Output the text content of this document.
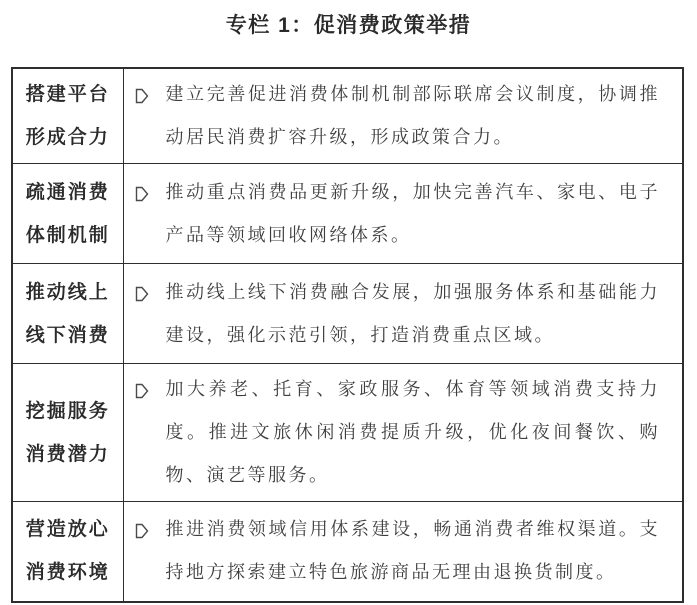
专栏 1：促消费政策举措
搭建平台
形成合力	建立完善促进消费体制机制部际联席会议制度，协调推动居民消费扩容升级，形成政策合力。

疏通消费
体制机制	推动重点消费品更新升级，加快完善汽车、家电、电子产品等领域回收网络体系。

推动线上
线下消费	推动线上线下消费融合发展，加强服务体系和基础能力建设，强化示范引领，打造消费重点区域。

挖掘服务
消费潜力	加大养老、托育、家政服务、体育等领域消费支持力度。推进文旅休闲消费提质升级，优化夜间餐饮、购物、演艺等服务。

营造放心
消费环境	推进消费领域信用体系建设，畅通消费者维权渠道。支持地方探索建立特色旅游商品无理由退换货制度。
